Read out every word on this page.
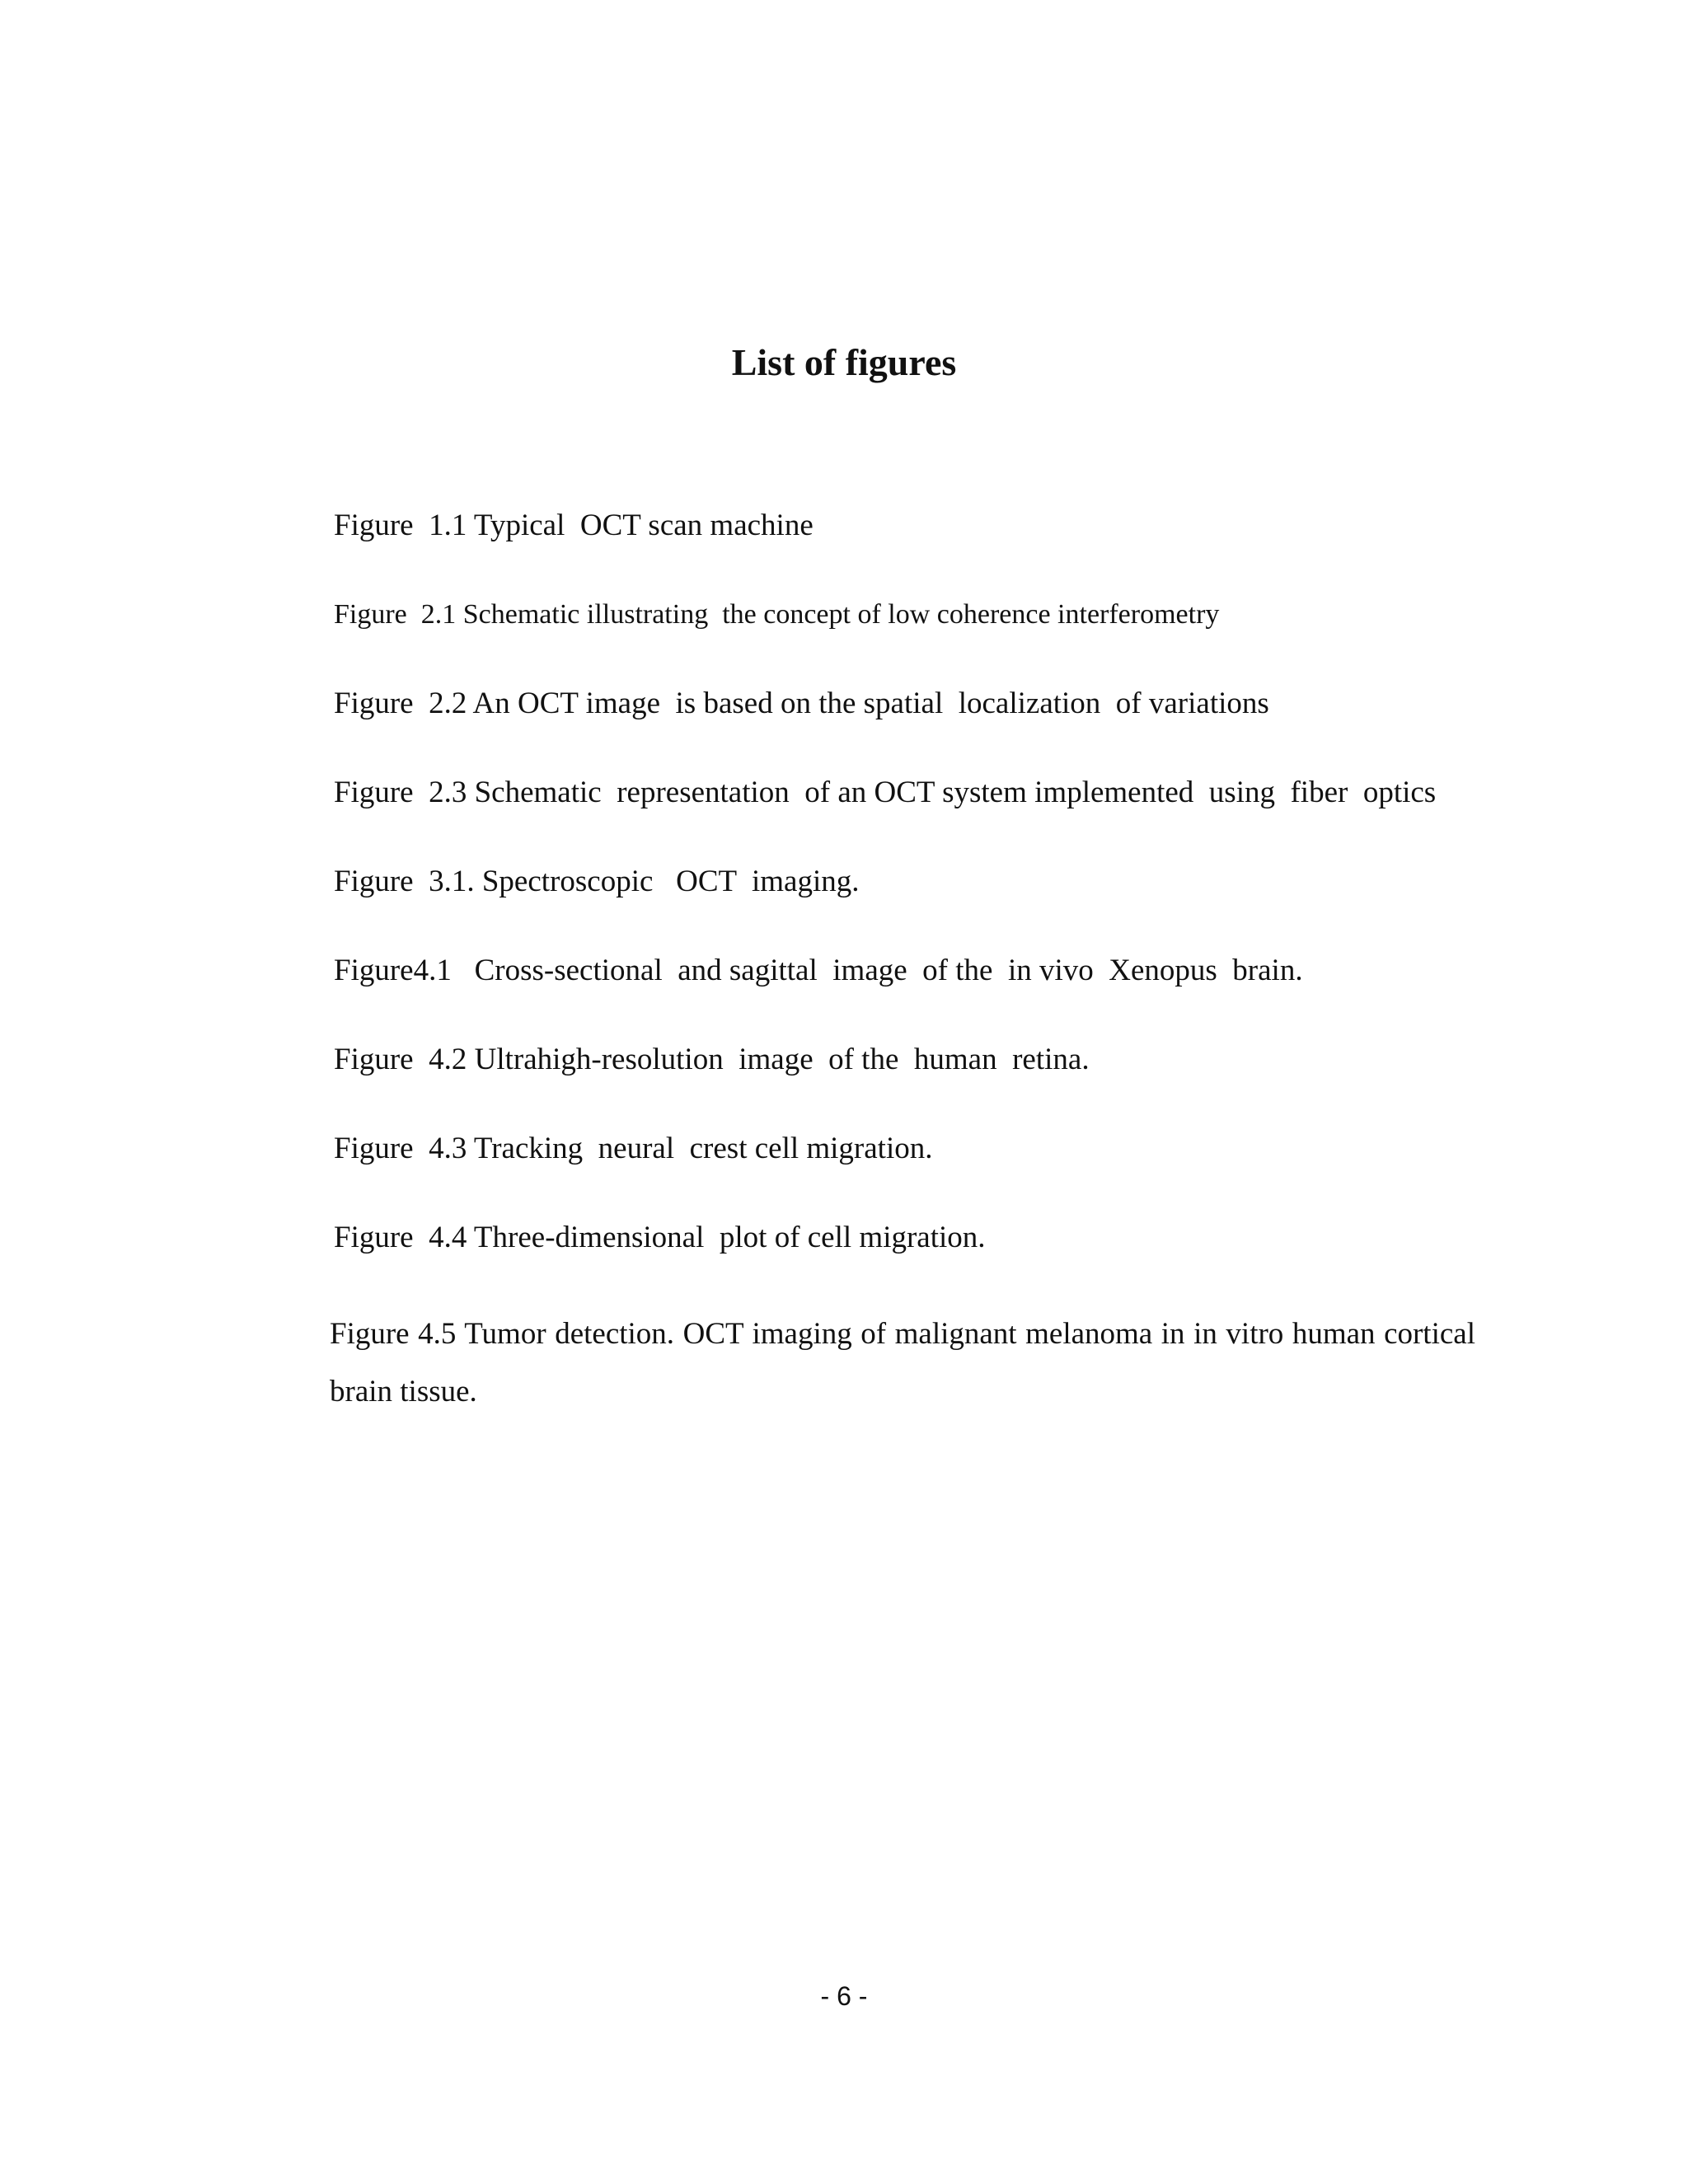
List of figures
Figure  1.1 Typical  OCT scan machine
Figure  2.1 Schematic illustrating  the concept of low coherence interferometry
Figure  2.2 An OCT image  is based on the spatial  localization  of variations
Figure  2.3 Schematic  representation  of an OCT system implemented  using  fiber  optics
Figure  3.1. Spectroscopic   OCT  imaging.
Figure4.1   Cross-sectional  and sagittal  image  of the  in vivo  Xenopus  brain.
Figure  4.2 Ultrahigh-resolution  image  of the  human  retina.
Figure  4.3 Tracking  neural  crest cell migration.
Figure  4.4 Three-dimensional  plot of cell migration.
Figure 4.5 Tumor detection. OCT imaging of malignant melanoma in in vitro human cortical brain tissue.
- 6 -
